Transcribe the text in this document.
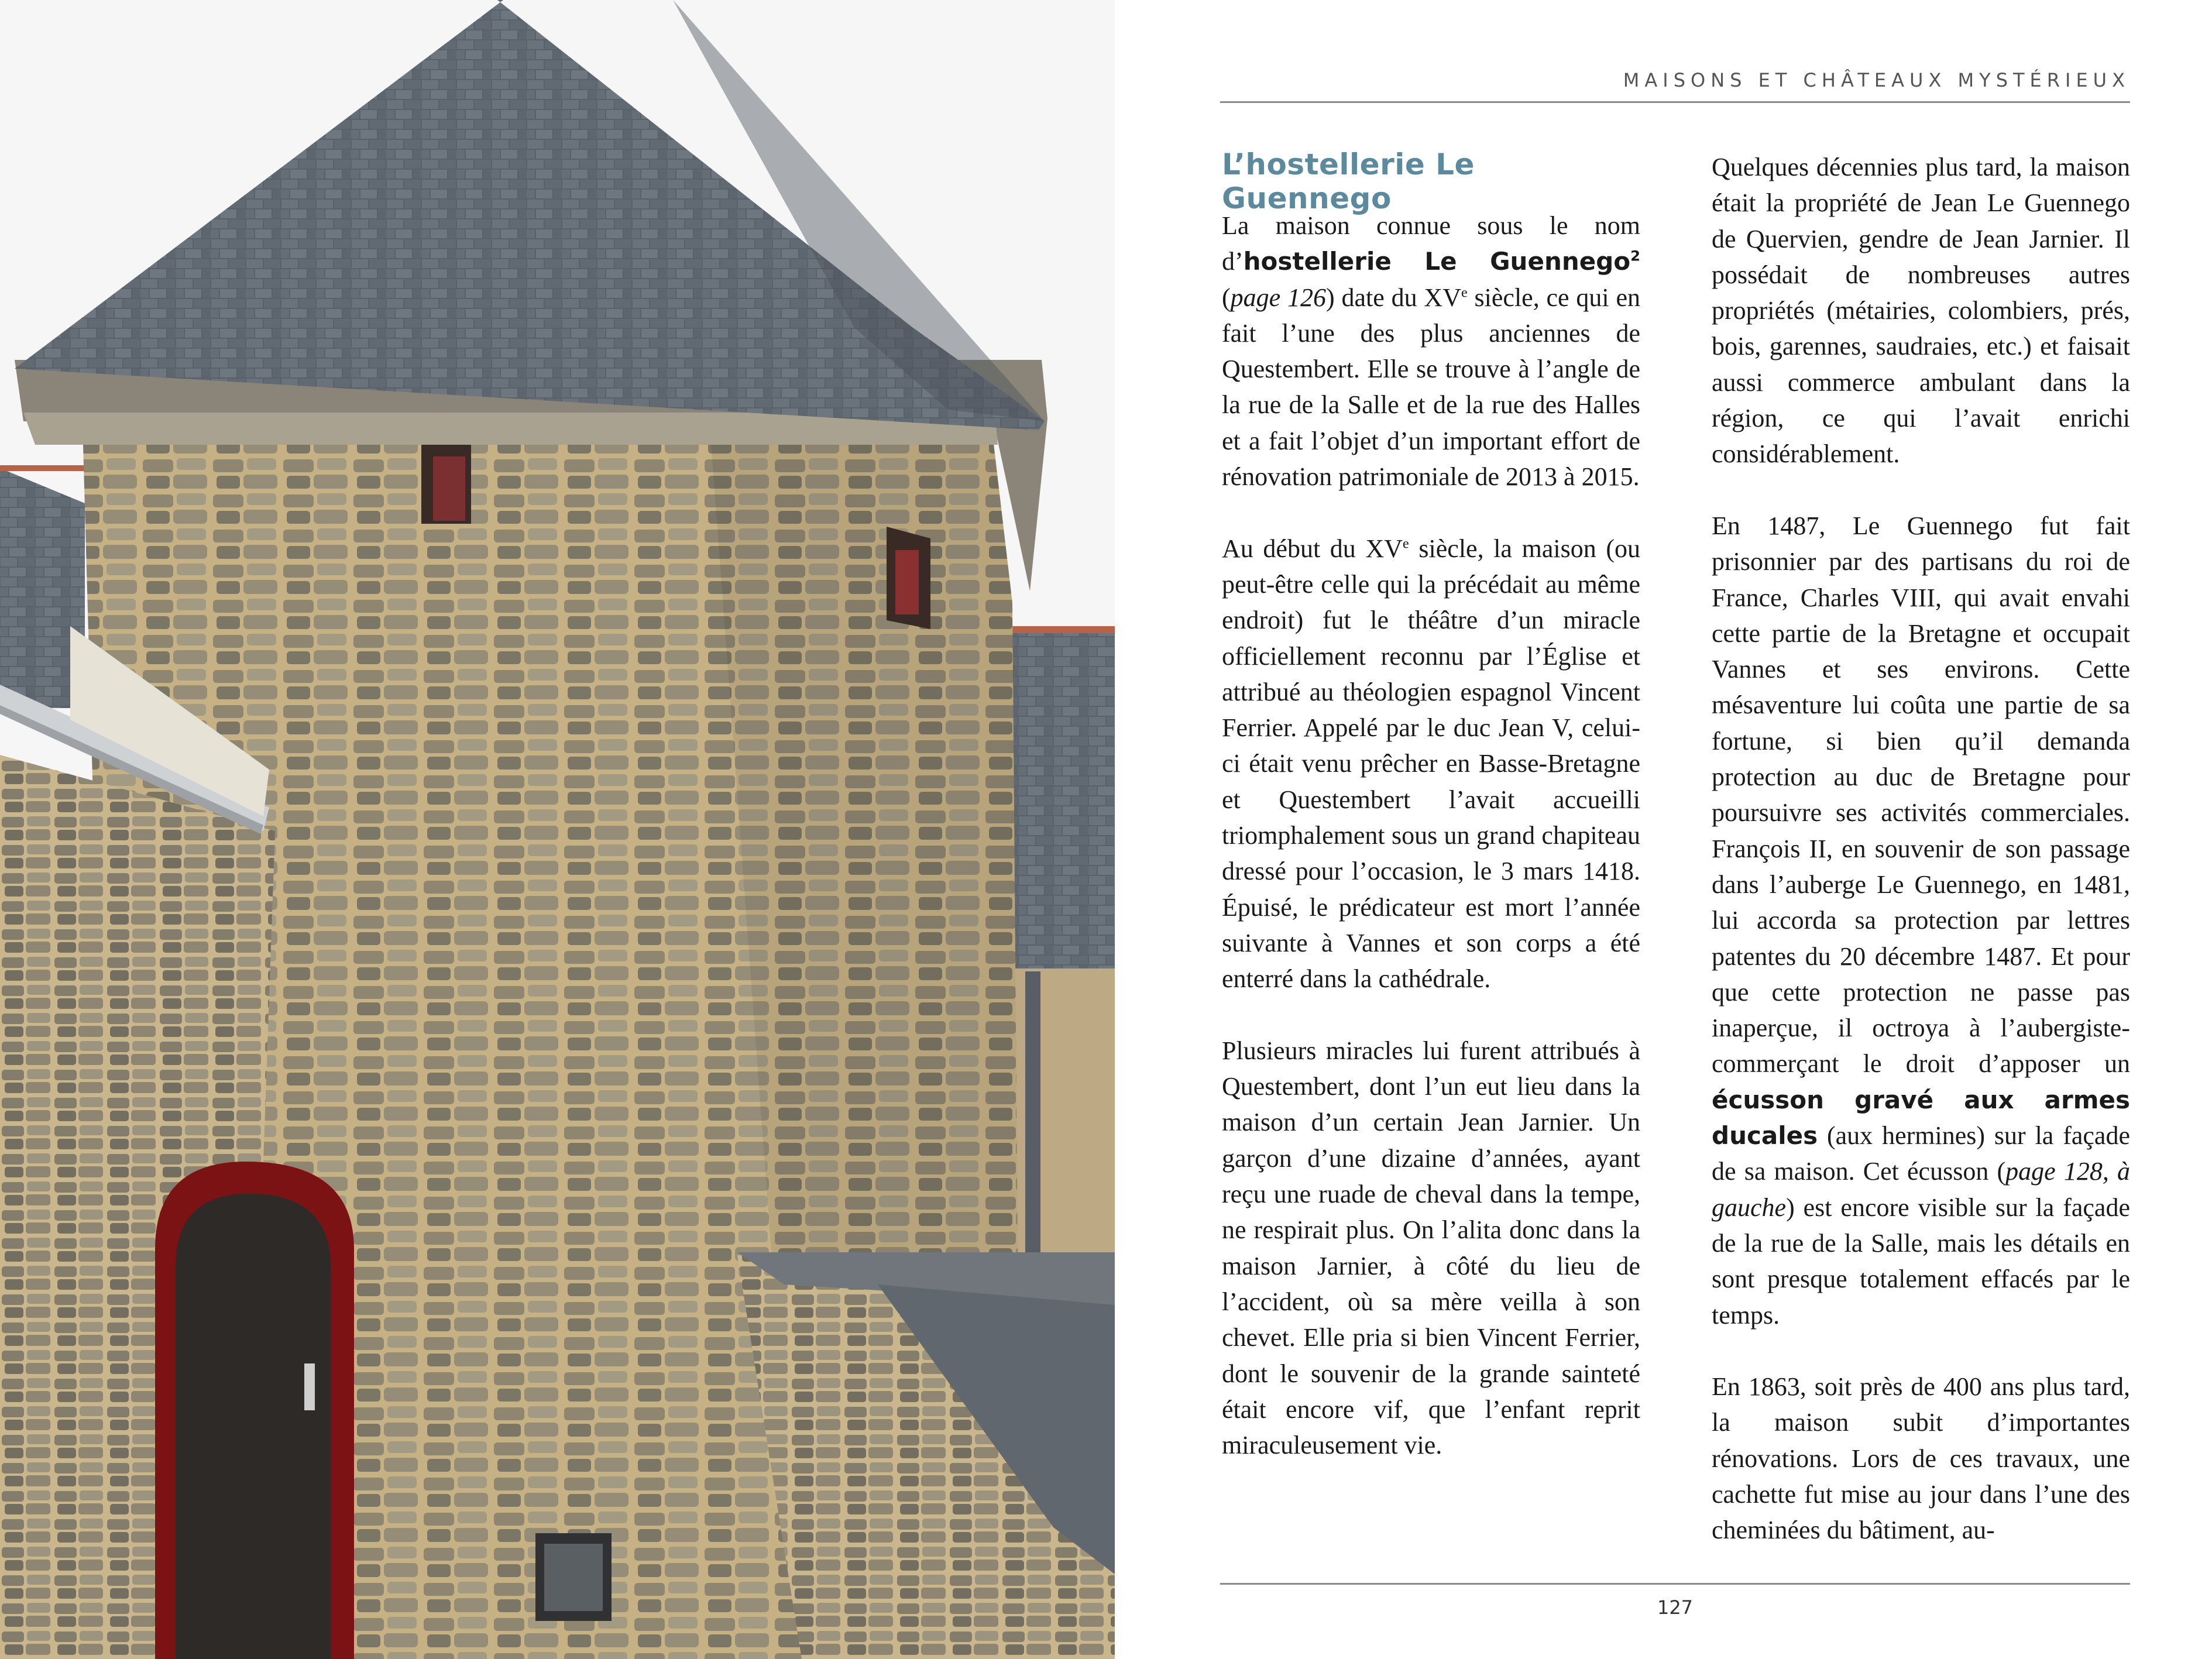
MAISONS ET CHÂTEAUX MYSTÉRIEUX
L’hostellerie Le Guennego

La maison connue sous le nom d’hostellerie Le Guennego$^2$ (page 126) date du XVe siècle, ce qui en fait l’une des plus anciennes de Questembert. Elle se trouve à l’angle de la rue de la Salle et de la rue des Halles et a fait l’objet d’un important effort de rénovation patrimoniale de 2013 à 2015.

Au début du XVe siècle, la maison (ou peut-être celle qui la précédait au même endroit) fut le théâtre d’un miracle officiellement reconnu par l’Église et attribué au théologien espagnol Vincent Ferrier. Appelé par le duc Jean V, celui-ci était venu prêcher en Basse-Bretagne et Questembert l’avait accueilli triomphalement sous un grand chapiteau dressé pour l’occasion, le 3 mars 1418. Épuisé, le prédicateur est mort l’année suivante à Vannes et son corps a été enterré dans la cathédrale.

Plusieurs miracles lui furent attribués à Questembert, dont l’un eut lieu dans la maison d’un certain Jean Jarnier. Un garçon d’une dizaine d’années, ayant reçu une ruade de cheval dans la tempe, ne respirait plus. On l’alita donc dans la maison Jarnier, à côté du lieu de l’accident, où sa mère veilla à son chevet. Elle pria si bien Vincent Ferrier, dont le souvenir de la grande sainteté était encore vif, que l’enfant reprit miraculeusement vie.

Quelques décennies plus tard, la maison était la propriété de Jean Le Guennego de Quervien, gendre de Jean Jarnier. Il possédait de nombreuses autres propriétés (métairies, colombiers, prés, bois, garennes, saudraies, etc.) et faisait aussi commerce ambulant dans la région, ce qui l’avait enrichi considérablement.

En 1487, Le Guennego fut fait prisonnier par des partisans du roi de France, Charles VIII, qui avait envahi cette partie de la Bretagne et occupait Vannes et ses environs. Cette mésaventure lui coûta une partie de sa fortune, si bien qu’il demanda protection au duc de Bretagne pour poursuivre ses activités commerciales. François II, en souvenir de son passage dans l’auberge Le Guennego, en 1481, lui accorda sa protection par lettres patentes du 20 décembre 1487. Et pour que cette protection ne passe pas inaperçue, il octroya à l’aubergiste-commerçant le droit d’apposer un écusson gravé aux armes ducales (aux hermines) sur la façade de sa maison. Cet écusson (page 128, à gauche) est encore visible sur la façade de la rue de la Salle, mais les détails en sont presque totalement effacés par le temps.

En 1863, soit près de 400 ans plus tard, la maison subit d’importantes rénovations. Lors de ces travaux, une cachette fut mise au jour dans l’une des cheminées du bâtiment, au-

127
